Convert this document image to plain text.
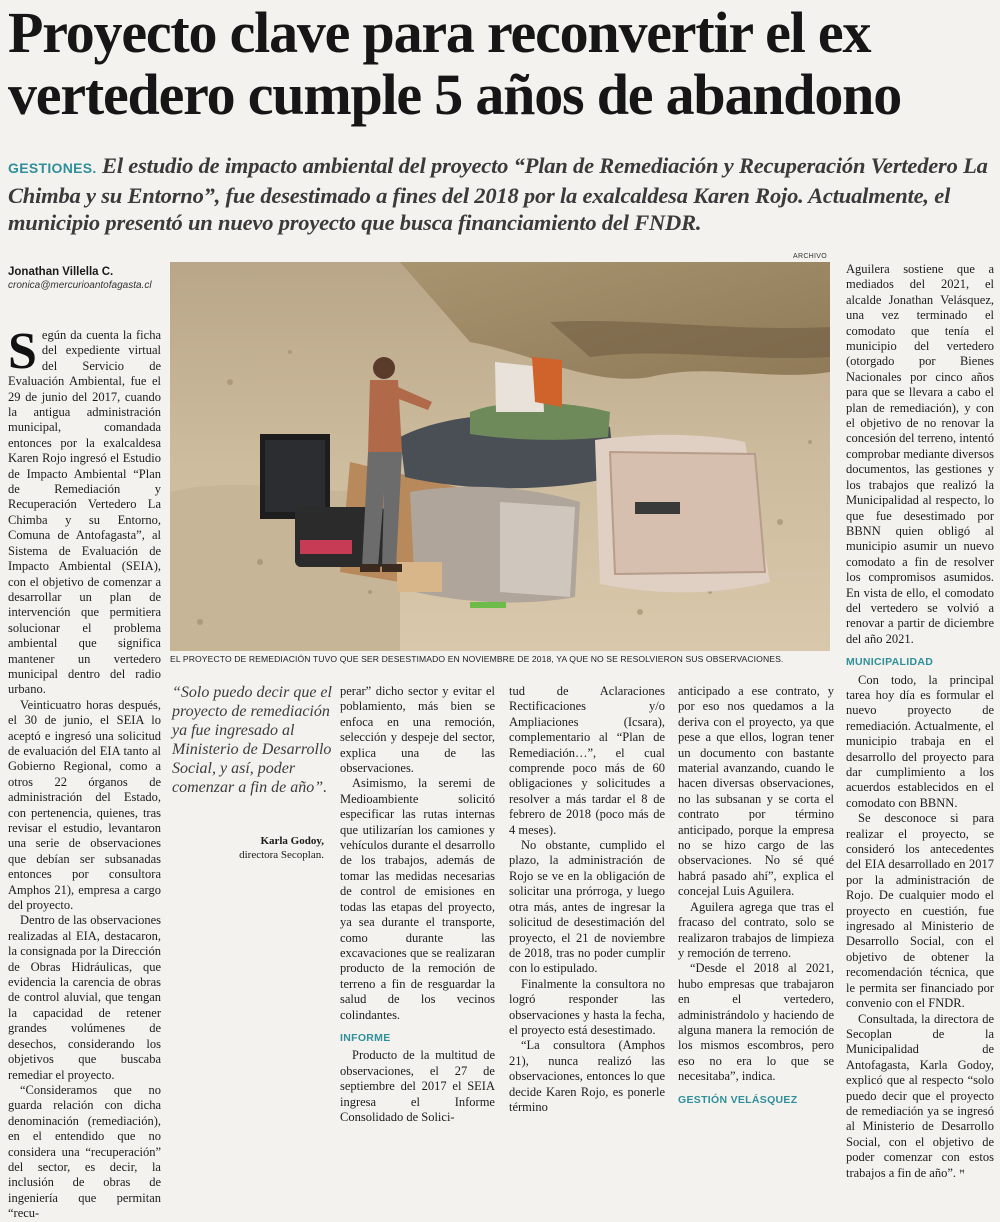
Proyecto clave para reconvertir el ex vertedero cumple 5 años de abandono
GESTIONES. El estudio de impacto ambiental del proyecto “Plan de Remediación y Recuperación Vertedero La Chimba y su Entorno”, fue desestimado a fines del 2018 por la exalcaldesa Karen Rojo. Actualmente, el municipio presentó un nuevo proyecto que busca financiamiento del FNDR.
Jonathan Villella C.
cronica@mercurioantofagasta.cl
ARCHIVO
EL PROYECTO DE REMEDIACIÓN TUVO QUE SER DESESTIMADO EN NOVIEMBRE DE 2018, YA QUE NO SE RESOLVIERON SUS OBSERVACIONES.

Según da cuenta la ficha del expediente virtual del Servicio de Evaluación Ambiental, fue el 29 de junio del 2017, cuando la antigua administración municipal, comandada entonces por la exalcaldesa Karen Rojo ingresó el Estudio de Impacto Ambiental “Plan de Remediación y Recuperación Vertedero La Chimba y su Entorno, Comuna de Antofagasta”, al Sistema de Evaluación de Impacto Ambiental (SEIA), con el objetivo de comenzar a desarrollar un plan de intervención que permitiera solucionar el problema ambiental que significa mantener un vertedero municipal dentro del radio urbano.

Veinticuatro horas después, el 30 de junio, el SEIA lo aceptó e ingresó una solicitud de evaluación del EIA tanto al Gobierno Regional, como a otros 22 órganos de administración del Estado, con pertenencia, quienes, tras revisar el estudio, levantaron una serie de observaciones que debían ser subsanadas entonces por consultora Amphos 21), empresa a cargo del proyecto.

Dentro de las observaciones realizadas al EIA, destacaron, la consignada por la Dirección de Obras Hidráulicas, que evidencia la carencia de obras de control aluvial, que tengan la capacidad de retener grandes volúmenes de desechos, considerando los objetivos que buscaba remediar el proyecto.

“Consideramos que no guarda relación con dicha denominación (remediación), en el entendido que no considera una “recuperación” del sector, es decir, la inclusión de obras de ingeniería que permitan “recu-

“Solo puedo decir que el proyecto de remediación ya fue ingresado al Ministerio de Desarrollo Social, y así, poder comenzar a fin de año”.
Karla Godoy,
directora Secoplan.

perar” dicho sector y evitar el poblamiento, más bien se enfoca en una remoción, selección y despeje del sector, explica una de las observaciones.

Asimismo, la seremi de Medioambiente solicitó especificar las rutas internas que utilizarían los camiones y vehículos durante el desarrollo de los trabajos, además de tomar las medidas necesarias de control de emisiones en todas las etapas del proyecto, ya sea durante el transporte, como durante las excavaciones que se realizaran producto de la remoción de terreno a fin de resguardar la salud de los vecinos colindantes.

INFORME

Producto de la multitud de observaciones, el 27 de septiembre del 2017 el SEIA ingresa el Informe Consolidado de Solici-

tud de Aclaraciones Rectificaciones y/o Ampliaciones (Icsara), complementario al “Plan de Remediación…”, el cual comprende poco más de 60 obligaciones y solicitudes a resolver a más tardar el 8 de febrero de 2018 (poco más de 4 meses).

No obstante, cumplido el plazo, la administración de Rojo se ve en la obligación de solicitar una prórroga, y luego otra más, antes de ingresar la solicitud de desestimación del proyecto, el 21 de noviembre de 2018, tras no poder cumplir con lo estipulado.

Finalmente la consultora no logró responder las observaciones y hasta la fecha, el proyecto está desestimado.

“La consultora (Amphos 21), nunca realizó las observaciones, entonces lo que decide Karen Rojo, es ponerle término

anticipado a ese contrato, y por eso nos quedamos a la deriva con el proyecto, ya que pese a que ellos, logran tener un documento con bastante material avanzando, cuando le hacen diversas observaciones, no las subsanan y se corta el contrato por término anticipado, porque la empresa no se hizo cargo de las observaciones. No sé qué habrá pasado ahí”, explica el concejal Luis Aguilera.

Aguilera agrega que tras el fracaso del contrato, solo se realizaron trabajos de limpieza y remoción de terreno.

“Desde el 2018 al 2021, hubo empresas que trabajaron en el vertedero, administrándolo y haciendo de alguna manera la remoción de los mismos escombros, pero eso no era lo que se necesitaba”, indica.

GESTIÓN VELÁSQUEZ

Aguilera sostiene que a mediados del 2021, el alcalde Jonathan Velásquez, una vez terminado el comodato que tenía el municipio del vertedero (otorgado por Bienes Nacionales por cinco años para que se llevara a cabo el plan de remediación), y con el objetivo de no renovar la concesión del terreno, intentó comprobar mediante diversos documentos, las gestiones y los trabajos que realizó la Municipalidad al respecto, lo que fue desestimado por BBNN quien obligó al municipio asumir un nuevo comodato a fin de resolver los compromisos asumidos. En vista de ello, el comodato del vertedero se volvió a renovar a partir de diciembre del año 2021.

MUNICIPALIDAD

Con todo, la principal tarea hoy día es formular el nuevo proyecto de remediación. Actualmente, el municipio trabaja en el desarrollo del proyecto para dar cumplimiento a los acuerdos establecidos en el comodato con BBNN.

Se desconoce si para realizar el proyecto, se consideró los antecedentes del EIA desarrollado en 2017 por la administración de Rojo. De cualquier modo el proyecto en cuestión, fue ingresado al Ministerio de Desarrollo Social, con el objetivo de obtener la recomendación técnica, que le permita ser financiado por convenio con el FNDR.

Consultada, la directora de Secoplan de la Municipalidad de Antofagasta, Karla Godoy, explicó que al respecto “solo puedo decir que el proyecto de remediación ya se ingresó al Ministerio de Desarrollo Social, con el objetivo de poder comenzar con estos trabajos a fin de año”. ꟸ
